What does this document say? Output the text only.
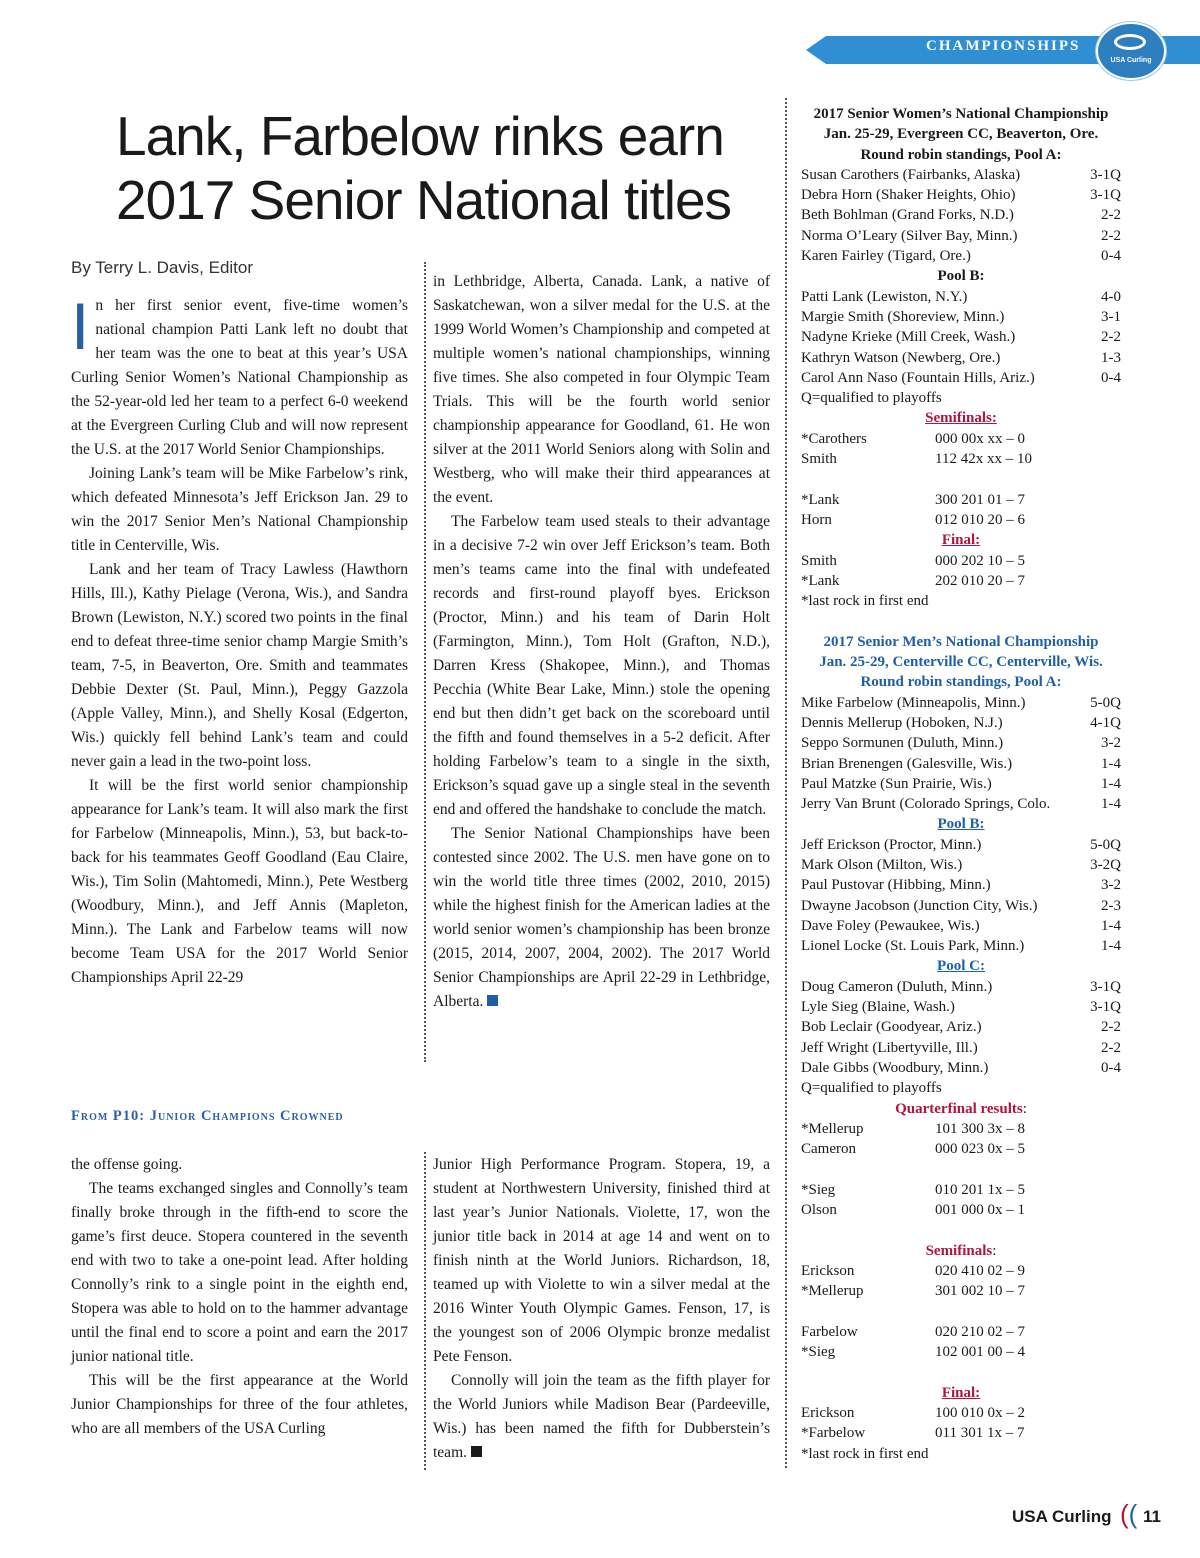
CHAMPIONSHIPS
USA Curling
Lank, Farbelow rinks earn 2017 Senior National titles
By Terry L. Davis, Editor

In her first senior event, five-time women’s national champion Patti Lank left no doubt that her team was the one to beat at this year’s USA Curling Senior Women’s National Championship as the 52-year-old led her team to a perfect 6-0 weekend at the Evergreen Curling Club and will now represent the U.S. at the 2017 World Senior Championships.

Joining Lank’s team will be Mike Farbelow’s rink, which defeated Minnesota’s Jeff Erickson Jan. 29 to win the 2017 Senior Men’s National Championship title in Centerville, Wis.

Lank and her team of Tracy Lawless (Hawthorn Hills, Ill.), Kathy Pielage (Verona, Wis.), and Sandra Brown (Lewiston, N.Y.) scored two points in the final end to defeat three-time senior champ Margie Smith’s team, 7-5, in Beaverton, Ore. Smith and teammates Debbie Dexter (St. Paul, Minn.), Peggy Gazzola (Apple Valley, Minn.), and Shelly Kosal (Edgerton, Wis.) quickly fell behind Lank’s team and could never gain a lead in the two-point loss.

It will be the first world senior championship appearance for Lank’s team. It will also mark the first for Farbelow (Minneapolis, Minn.), 53, but back-to-back for his teammates Geoff Goodland (Eau Claire, Wis.), Tim Solin (Mahtomedi, Minn.), Pete Westberg (Woodbury, Minn.), and Jeff Annis (Mapleton, Minn.). The Lank and Farbelow teams will now become Team USA for the 2017 World Senior Championships April 22-29

in Lethbridge, Alberta, Canada. Lank, a native of Saskatchewan, won a silver medal for the U.S. at the 1999 World Women’s Championship and competed at multiple women’s national championships, winning five times. She also competed in four Olympic Team Trials. This will be the fourth world senior championship appearance for Goodland, 61. He won silver at the 2011 World Seniors along with Solin and Westberg, who will make their third appearances at the event.

The Farbelow team used steals to their advantage in a decisive 7-2 win over Jeff Erickson’s team. Both men’s teams came into the final with undefeated records and first-round playoff byes. Erickson (Proctor, Minn.) and his team of Darin Holt (Farmington, Minn.), Tom Holt (Grafton, N.D.), Darren Kress (Shakopee, Minn.), and Thomas Pecchia (White Bear Lake, Minn.) stole the opening end but then didn’t get back on the scoreboard until the fifth and found themselves in a 5-2 deficit. After holding Farbelow’s team to a single in the sixth, Erickson’s squad gave up a single steal in the seventh end and offered the handshake to conclude the match.

The Senior National Championships have been contested since 2002. The U.S. men have gone on to win the world title three times (2002, 2010, 2015) while the highest finish for the American ladies at the world senior women’s championship has been bronze (2015, 2014, 2007, 2004, 2002). The 2017 World Senior Championships are April 22-29 in Lethbridge, Alberta.

From P10: Junior Champions Crowned

the offense going.

The teams exchanged singles and Connolly’s team finally broke through in the fifth-end to score the game’s first deuce. Stopera countered in the seventh end with two to take a one-point lead. After holding Connolly’s rink to a single point in the eighth end, Stopera was able to hold on to the hammer advantage until the final end to score a point and earn the 2017 junior national title.

This will be the first appearance at the World Junior Championships for three of the four athletes, who are all members of the USA Curling

Junior High Performance Program. Stopera, 19, a student at Northwestern University, finished third at last year’s Junior Nationals. Violette, 17, won the junior title back in 2014 at age 14 and went on to finish ninth at the World Juniors. Richardson, 18, teamed up with Violette to win a silver medal at the 2016 Winter Youth Olympic Games. Fenson, 17, is the youngest son of 2006 Olympic bronze medalist Pete Fenson.

Connolly will join the team as the fifth player for the World Juniors while Madison Bear (Pardeeville, Wis.) has been named the fifth for Dubberstein’s team.

2017 Senior Women’s National Championship
Jan. 25-29, Evergreen CC, Beaverton, Ore.
Round robin standings, Pool A:
Susan Carothers (Fairbanks, Alaska)	3-1Q
Debra Horn (Shaker Heights, Ohio)	3-1Q
Beth Bohlman (Grand Forks, N.D.)	2-2
Norma O’Leary (Silver Bay, Minn.)	2-2
Karen Fairley (Tigard, Ore.)	0-4
Pool B:
Patti Lank (Lewiston, N.Y.)	4-0
Margie Smith (Shoreview, Minn.)	3-1
Nadyne Krieke (Mill Creek, Wash.)	2-2
Kathryn Watson (Newberg, Ore.)	1-3
Carol Ann Naso (Fountain Hills, Ariz.)	0-4
Q=qualified to playoffs
Semifinals:
*Carothers	000 00x xx – 0
Smith	112 42x xx – 10
*Lank	300 201 01 – 7
Horn	012 010 20 – 6
Final:
Smith	000 202 10 – 5
*Lank	202 010 20 – 7
*last rock in first end
2017 Senior Men’s National Championship
Jan. 25-29, Centerville CC, Centerville, Wis.
Round robin standings, Pool A:
Mike Farbelow (Minneapolis, Minn.)	5-0Q
Dennis Mellerup (Hoboken, N.J.)	4-1Q
Seppo Sormunen (Duluth, Minn.)	3-2
Brian Brenengen (Galesville, Wis.)	1-4
Paul Matzke (Sun Prairie, Wis.)	1-4
Jerry Van Brunt (Colorado Springs, Colo.	1-4
Pool B:
Jeff Erickson (Proctor, Minn.)	5-0Q
Mark Olson (Milton, Wis.)	3-2Q
Paul Pustovar (Hibbing, Minn.)	3-2
Dwayne Jacobson (Junction City, Wis.)	2-3
Dave Foley (Pewaukee, Wis.)	1-4
Lionel Locke (St. Louis Park, Minn.)	1-4
Pool C:
Doug Cameron (Duluth, Minn.)	3-1Q
Lyle Sieg (Blaine, Wash.)	3-1Q
Bob Leclair (Goodyear, Ariz.)	2-2
Jeff Wright (Libertyville, Ill.)	2-2
Dale Gibbs (Woodbury, Minn.)	0-4
Q=qualified to playoffs
Quarterfinal results:
*Mellerup	101 300 3x – 8
Cameron	000 023 0x – 5
*Sieg	010 201 1x – 5
Olson	001 000 0x – 1
Semifinals:
Erickson	020 410 02 – 9
*Mellerup	301 002 10 – 7
Farbelow	020 210 02 – 7
*Sieg	102 001 00 – 4
Final:
Erickson	100 010 0x – 2
*Farbelow	011 301 1x – 7
*last rock in first end
USA Curling (( 11
